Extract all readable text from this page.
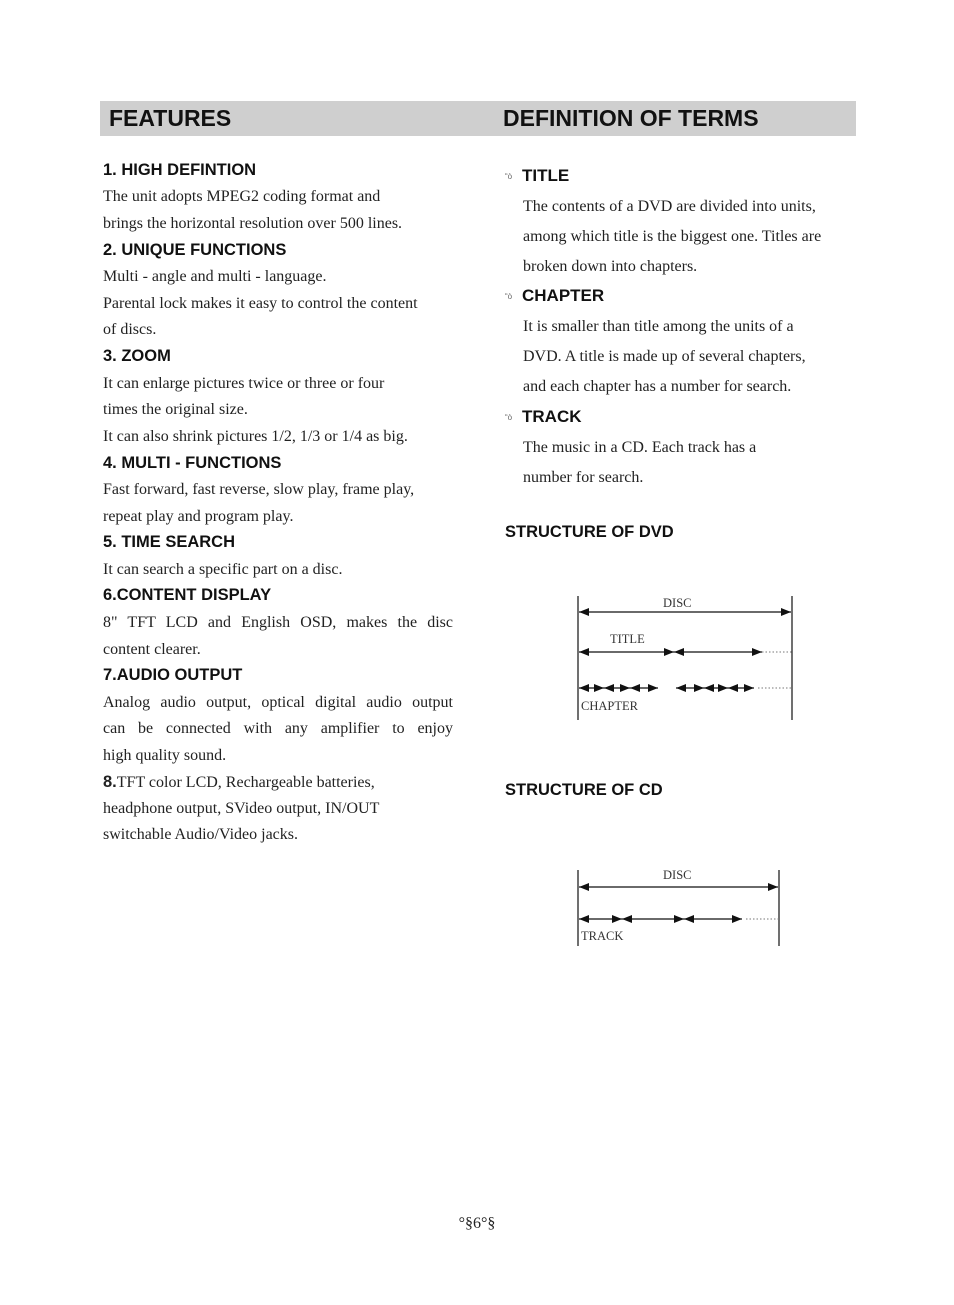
FEATURES	DEFINITION OF TERMS
1. HIGH DEFINTION
The unit adopts MPEG2 coding format and
brings the horizontal resolution over 500 lines.
2. UNIQUE FUNCTIONS
Multi - angle and multi - language.
Parental lock makes it easy to control the content
of discs.
3. ZOOM
It can enlarge pictures twice or three or four
times the original size.
It can also shrink pictures 1/2, 1/3 or 1/4 as big.
4. MULTI - FUNCTIONS
Fast forward, fast reverse, slow play, frame play,
repeat play and program play.
5. TIME SEARCH
It can search a specific part on a disc.
6.CONTENT DISPLAY
8" TFT LCD and English OSD, makes the disc
content clearer.
7.AUDIO OUTPUT
Analog audio output, optical digital audio output
can be connected with any amplifier to enjoy
high quality sound.
8.TFT color LCD, Rechargeable batteries,
headphone output, SVideo output, IN/OUT
switchable Audio/Video jacks.
“ò TITLE
The contents of a DVD are divided into units,
among which title is the biggest one. Titles are
broken down into chapters.
“ò CHAPTER
It is smaller than title among the units of a
DVD. A title is made up of several chapters,
and each chapter has a number for search.
“ò TRACK
The music in a CD. Each track has a
number for search.
STRUCTURE OF DVD
DISC
TITLE
CHAPTER
STRUCTURE OF CD
DISC
TRACK
°§6°§
